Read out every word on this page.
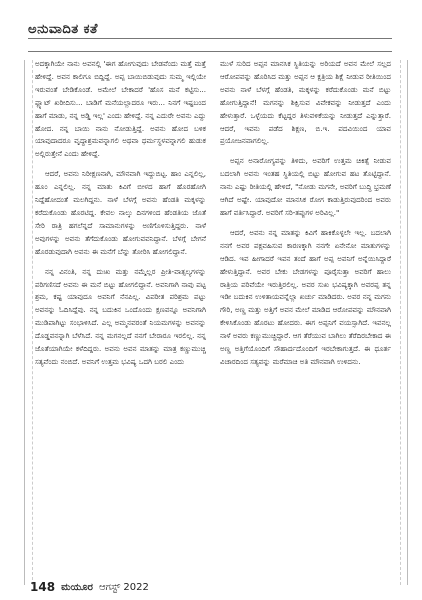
ಅನುವಾದಿತ ಕತೆ

ಅದಕ್ಕಾಗಿಯೇ ನಾನು ಅವನಲ್ಲಿ 'ಈಗ ಹೋಗುವುದು ಬೇಡವೆಂದು ಮತ್ತೆ ಮತ್ತೆ ಹೇಳಿದ್ದೆ. ಅವನ ಕಾಲಿಗೂ ಬಿದ್ದಿದ್ದೆ. ಅಪ್ಪ ಬಾಯಿಬಿಡುವುದು ಸುಮ್ಮ ಇಲ್ಲಿಯೇ ಇರುವಂತೆ ಬೇಡಿಕೊಂಡೆ. ಅಮೇಲೆ ಬೇಕಾದರೆ 'ಹೊಸ ಮನೆ ಕಟ್ಟಿಸು... ಫ್ಲ್ಯಾಟ್ ಖರೀದಿಸು... ಬಾಡಿಗೆ ಮನೆಯಲ್ಲಾದರೂ ಇರು... ನಿನಗೆ ಇಷ್ಟಬಂದ ಹಾಗೆ ಮಾಡು, ನನ್ನ ಅಡ್ಡಿ ಇಲ್ಲ' ಎಂದು ಹೇಳಿದ್ದೆ. ನನ್ನ ಎದುರೇ ಅವನು ಎದ್ದು ಹೋದ. ನನ್ನ ಬಾಯಿ ನಾನು ನೋಡುತ್ತಿದ್ದೆ. ಅವನು ಹೋದ ಬಳಿಕ ಯಾವುದಾದರೂ ವೃದ್ಧಾಶ್ರಮವನ್ನಾಗಲಿ ಅಥವಾ ಧರ್ಮಸ್ಥಳವನ್ನಾಗಲಿ ಹುಡುಕ ಅಲ್ಲಿರುತ್ತೇನೆ ಎಂದು ಹೇಳಿದ್ದೆ.

ಆದರೆ, ಅವನು ನಿರೀಕ್ಷಣನಾಗಿ, ಮೌನವಾಗಿ ಇದ್ದುಬಿಟ್ಟ. ಹಾಂ ಎನ್ನಲಿಲ್ಲ, ಹೂಂ ಎನ್ನಲಿಲ್ಲ. ನನ್ನ ಮಾತು ಕಿವಿಗೆ ಬೀಳದ ಹಾಗೆ ಹೊರಹೋಗಿ ನಿದ್ದೆಹೋದಂತೆ ಮಲಗಿದ್ದನು. ನಾಳೆ ಬೆಳಗ್ಗೆ ಅವನು ಹೆಂಡತಿ ಮಕ್ಕಳನ್ನು ಕರೆದುಕೊಂಡು ಹೊರಟಿದ್ದ. ಕೇವಲ ನಾಲ್ಕು ದಿನಗಳಿಂದ ಹೆಂಡತಿಯ ಜೊತೆ ಸೇರಿ ರಾತ್ರಿ ಹಗಲೆನ್ನದೆ ಸಾಮಾನುಗಳನ್ನು ಅಣಿಗೊಳಿಸುತ್ತಿದ್ದರು. ನಾಳೆ ಅವುಗಳನ್ನು ಅವನು ತೆಗೆದುಕೊಂಡು ಹೋಗುವವನಿದ್ದಾನೆ. ಬೆಳಗ್ಗೆ ಬೇಗನೆ ಹೊರಡುವುದಾಗಿ ಅವನು ಈ ಮನೆಗೆ ಬೆನ್ನು ತೋರಿಸಿ ಹೋಗಲಿದ್ದಾನೆ.

ನನ್ನ ವಿನಂತಿ, ನನ್ನ ದುಃಖ ಮತ್ತು ನಮ್ಮೆಲ್ಲರ ಪ್ರೀತಿ-ವಾತ್ಸಲ್ಯಗಳನ್ನು ಪರಿಗಣಿಸದೆ ಅವನು ಈ ಮನೆ ಬಿಟ್ಟು ಹೋಗಲಿದ್ದಾನೆ. ಅವನಿಗಾಗಿ ನಾವು ಪಟ್ಟ ಶ್ರಮ, ಕಷ್ಟ ಯಾವುದೂ ಅವನಿಗೆ ನೆನಪಿಲ್ಲ. ವಿಪರೀತ ಪರಿಶ್ರಮ ಪಟ್ಟು ಅವನನ್ನು ಓದಿಸಿದ್ದೆವು. ನನ್ನ ಬದುಕಿನ ಒಂದೊಂದು ಕ್ಷಣವನ್ನೂ ಅವನಿಗಾಗಿ ಮುಡಿಪಾಗಿಟ್ಟು ಸಂಭಾಳಿಸಿದೆ. ಎಲ್ಲ ಅಮ್ಮನವರಂತೆ ನಿಯಮಗಳನ್ನು ಅವನನ್ನು ದೊಡ್ಡವನನ್ನಾಗಿ ಬೆಳೆಸಿದೆ. ನನ್ನ ಮಗನಲ್ಲದೆ ನನಗೆ ಬೇರಾರೂ ಇರಲಿಲ್ಲ. ನನ್ನ ಜೊತೆಯಾಗಿಯೇ ಕಳೆದಿದ್ದರು. ಅವನು ಅವನ ಮಾತನ್ನು ಮಾತ್ರ ಕಣ್ಣುಮುಚ್ಚಿ ಸತ್ಯವೆಂದು ನಂಬಿದೆ. ಅವನಿಗೆ ಉತ್ತಮ ಭವಿಷ್ಯ ಒದಗಿ ಬರಲಿ ಎಂದು

ಮುಳೆ ಸುರಿದ ಅಪ್ಪನ ಮಾನಸಿಕ ಸ್ಥಿತಿಯನ್ನು ಅರಿಯದೆ ಅವನ ಮೇಲೆ ಸಲ್ಲದ ಆರೋಪವನ್ನು ಹೊರಿಸಿದ ಮತ್ತು ಅಪ್ಪನ ಆ ಕ್ಷತ್ರಿಯ ಶಿಕ್ಷೆ ನೀಡುವ ರೀತಿಯಿಂದ ಅವನು ನಾಳೆ ಬೆಳಗ್ಗೆ ಹೆಂಡತಿ, ಮಕ್ಕಳನ್ನು ಕರೆದುಕೊಂಡು ಮನೆ ಬಿಟ್ಟು ಹೋಗುತ್ತಿದ್ದಾನೆ! ಮಗನನ್ನು ಶಿಕ್ಷಿಸುವ ವಿವೇಕವನ್ನು ನೀಡುತ್ತದೆ ಎಂದು ಹೇಳುತ್ತಾರೆ. ಒಳ್ಳೆಯದು ಕೆಟ್ಟದ್ದರ ತಿಳುವಳಿಕೆಯನ್ನು ನೀಡುತ್ತದೆ ಎನ್ನುತ್ತಾರೆ. ಆದರೆ, ಇವನು ಪಡೆದ ಶಿಕ್ಷಣ, ಬಿ.ಇ. ಪದವಿಯಿಂದ ಯಾವ ಪ್ರಯೋಜನವಾಗಲಿಲ್ಲ.

ಅಪ್ಪನ ಅನಾರೋಗ್ಯವನ್ನು ತಿಳಿದು, ಅವರಿಗೆ ಉತ್ತಮ ಚಿಕಿತ್ಸೆ ನೀಡುವ ಬದಲಾಗಿ ಅವನು ಇಂತಹ ಸ್ಥಿತಿಯಲ್ಲಿ ಬಿಟ್ಟು ಹೋಗುವ ಹಟ ತೊಟ್ಟಿದ್ದಾನೆ. ನಾನು ಎಷ್ಟು ರೀತಿಯಲ್ಲಿ ಹೇಳಿದೆ, "ನೋಡು ಮಗನೇ, ಅವರಿಗೆ ಬುದ್ಧಿ ಭ್ರಮಣೆ ಆಗಿದೆ ಅಷ್ಟೇ. ಯಾವುದೋ ಮಾನಸಿಕ ರೋಗ ಕಾಡುತ್ತಿರುವುದರಿಂದ ಅವರು ಹಾಗೆ ವರ್ತಿಸಿದ್ದಾರೆ. ಅವರಿಗೆ ಸರಿ-ತಪ್ಪುಗಳ ಅರಿವಿಲ್ಲ."

ಆದರೆ, ಅವನು ನನ್ನ ಮಾತನ್ನು ಕಿವಿಗೆ ಹಾಕಿಕೊಳ್ಳಲೇ ಇಲ್ಲ. ಬದಲಾಗಿ ನನಗೆ ಅವರ ಪಕ್ಷವಹಿಸುವ ಕಾರಣಕ್ಕಾಗಿ ನನಗೇ ಏನೇನೋ ಮಾತುಗಳನ್ನು ಆಡಿದ. ಇವ ಹೀಗಾದರೆ ಇವನ ತಂದೆ ಹಾಗೆ ಅಪ್ಪ ಅವನಿಗೆ ಅನ್ನೆಯಿಸಿದ್ದಾರೆ ಹೇಳುತ್ತಿದ್ದಾನೆ. ಅವರ ಬೇಕು ಬೇಡಗಳನ್ನು ಪೂರೈಸುತ್ತಾ ಅವರಿಗೆ ಹಾಲು ರಾತ್ರಿಯ ಪರಿವೆಯೇ ಇರುತ್ತಿರಲಿಲ್ಲ. ಅವರ ಸುಖ ಭವಿಷ್ಯಕ್ಕಾಗಿ ಅವರಪ್ಪ ತನ್ನ ಇಡೀ ಬದುಕಿನ ಉಳಿತಾಯವನ್ನೆಲ್ಲಾ ಖರ್ಚು ಮಾಡಿದರು. ಅವರ ನನ್ನ ಮಗನು ಗೌರಿ, ಅಣ್ಣ ಮತ್ತು ಅತ್ತಿಗೆ ಅವನ ಮೇಲೆ ಮಾಡಿದ ಆರೋಪವನ್ನು ಮೌನವಾಗಿ ಕೇಳಿಸಿಕೊಂಡು ಹೊರಟು ಹೋದರು. ಈಗ ಅಪ್ಪನಿಗೆ ವಯಸ್ಸಾಗಿದೆ. ಇವನಲ್ಲ ನಾಳೆ ಅವರು ಕಣ್ಣುಮುಚ್ಚಿದ್ದಾರೆ. ಆಗ ತೆರೆಯುವ ಬಾಗಿಲು ತೆರೆದಿರಬೇಕಾದ ಈ ಅಣ್ಣ ಅತ್ತಿಗೆಯೊಂದಿಗೆ ಸೌಹಾರ್ದದೊಂದಿಗೆ ಇರಬೇಕಾಗುತ್ತದೆ. ಈ ಧೂರ್ತ ವಿಚಾರದಿಂದ ಸತ್ಯವನ್ನು ಮರೆಮಾಚಿ ಅತಿ ಮೌನವಾಗಿ ಉಳಿದನು.

148 ಮಯೂರ ಆಗಸ್ಟ್ 2022
